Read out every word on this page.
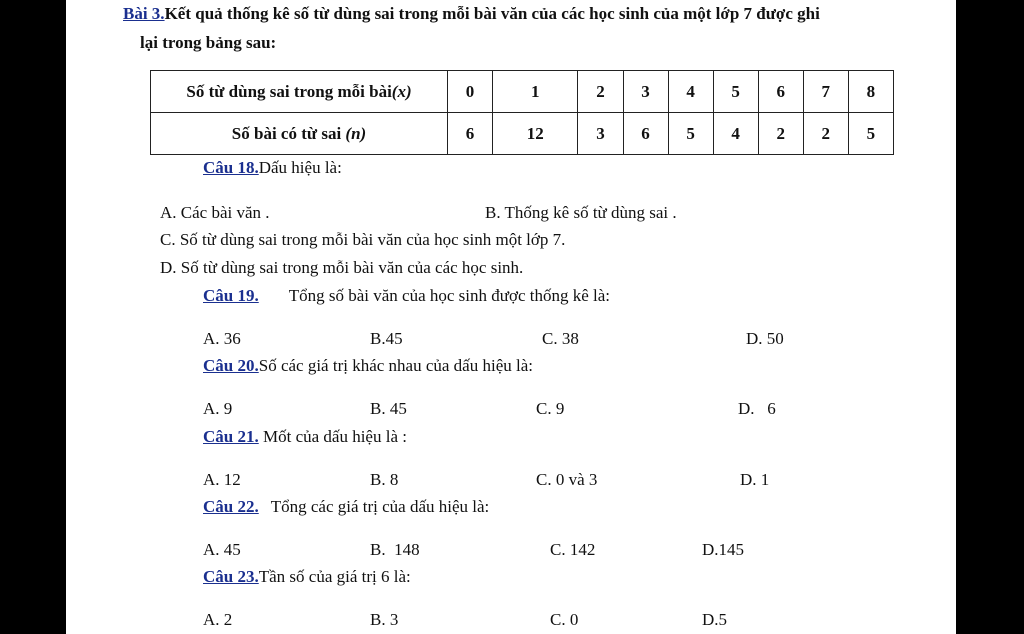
Bài 3.Kết quả thống kê số từ dùng sai trong mỗi bài văn của các học sinh của một lớp 7 được ghi
lại trong bảng sau:
Số từ dùng sai trong mỗi bài(x)	0	1	2	3	4	5	6	7	8
Số bài có từ sai (n)	6	12	3	6	5	4	2	2	5
Câu 18.Dấu hiệu là:
A. Các bài văn .	B. Thống kê số từ dùng sai .
C. Số từ dùng sai trong mỗi bài văn của học sinh một lớp 7.
D. Số từ dùng sai trong mỗi bài văn của các học sinh.
Câu 19. Tổng số bài văn của học sinh được thống kê là:
A. 36	B.45	C. 38	D. 50
Câu 20.Số các giá trị khác nhau của dấu hiệu là:
A. 9	B. 45	C. 9	D.   6
Câu 21. Mốt của dấu hiệu là :
A. 12	B. 8	C. 0 và 3	D. 1
Câu 22. Tổng các giá trị của dấu hiệu là:
A. 45	B.  148	C. 142	D.145
Câu 23.Tần số của giá trị 6 là:
A. 2	B. 3	C. 0	D.5
